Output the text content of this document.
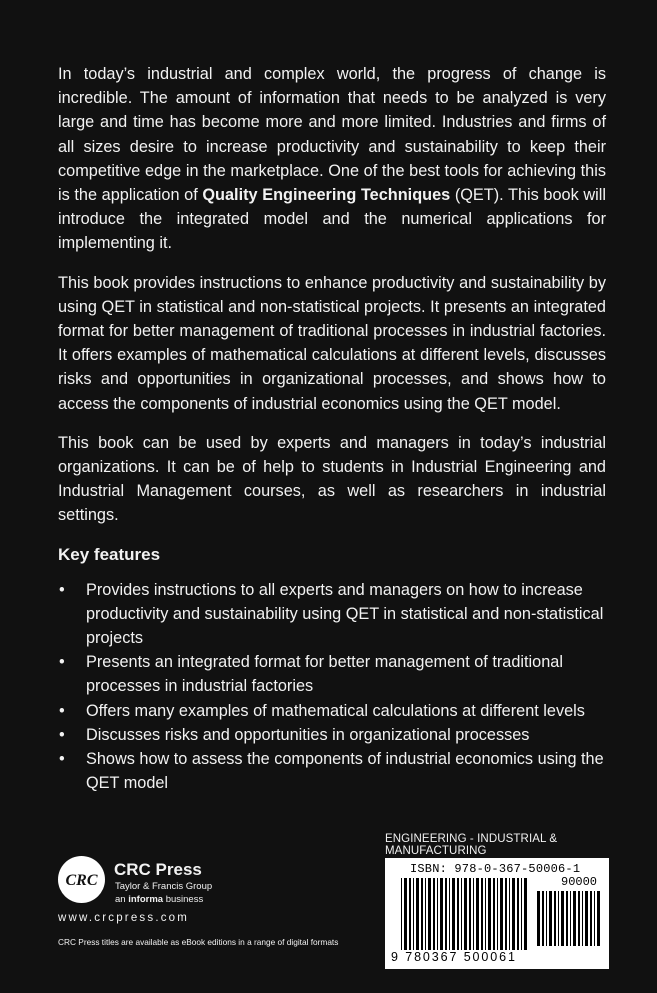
In today’s industrial and complex world, the progress of change is incredible. The amount of information that needs to be analyzed is very large and time has become more and more limited. Industries and firms of all sizes desire to increase productivity and sustainability to keep their competitive edge in the marketplace. One of the best tools for achieving this is the application of Quality Engineering Techniques (QET). This book will introduce the integrated model and the numerical applications for implementing it.

This book provides instructions to enhance productivity and sustainability by using QET in statistical and non-statistical projects. It presents an integrated format for better management of traditional processes in industrial factories. It offers examples of mathematical calculations at different levels, discusses risks and opportunities in organizational processes, and shows how to access the components of industrial economics using the QET model.

This book can be used by experts and managers in today’s industrial organizations. It can be of help to students in Industrial Engineering and Industrial Management courses, as well as researchers in industrial settings.

Key features
• Provides instructions to all experts and managers on how to increase productivity and sustainability using QET in statistical and non-statistical projects
• Presents an integrated format for better management of traditional processes in industrial factories
• Offers many examples of mathematical calculations at different levels
• Discusses risks and opportunities in organizational processes
• Shows how to assess the components of industrial economics using the QET model
ENGINEERING - INDUSTRIAL & MANUFACTURING
CRC
CRC Press
Taylor & Francis Group
an informa business
www.crcpress.com
CRC Press titles are available as eBook editions in a range of digital formats
ISBN: 978-0-367-50006-1
90000
9 780367 500061
